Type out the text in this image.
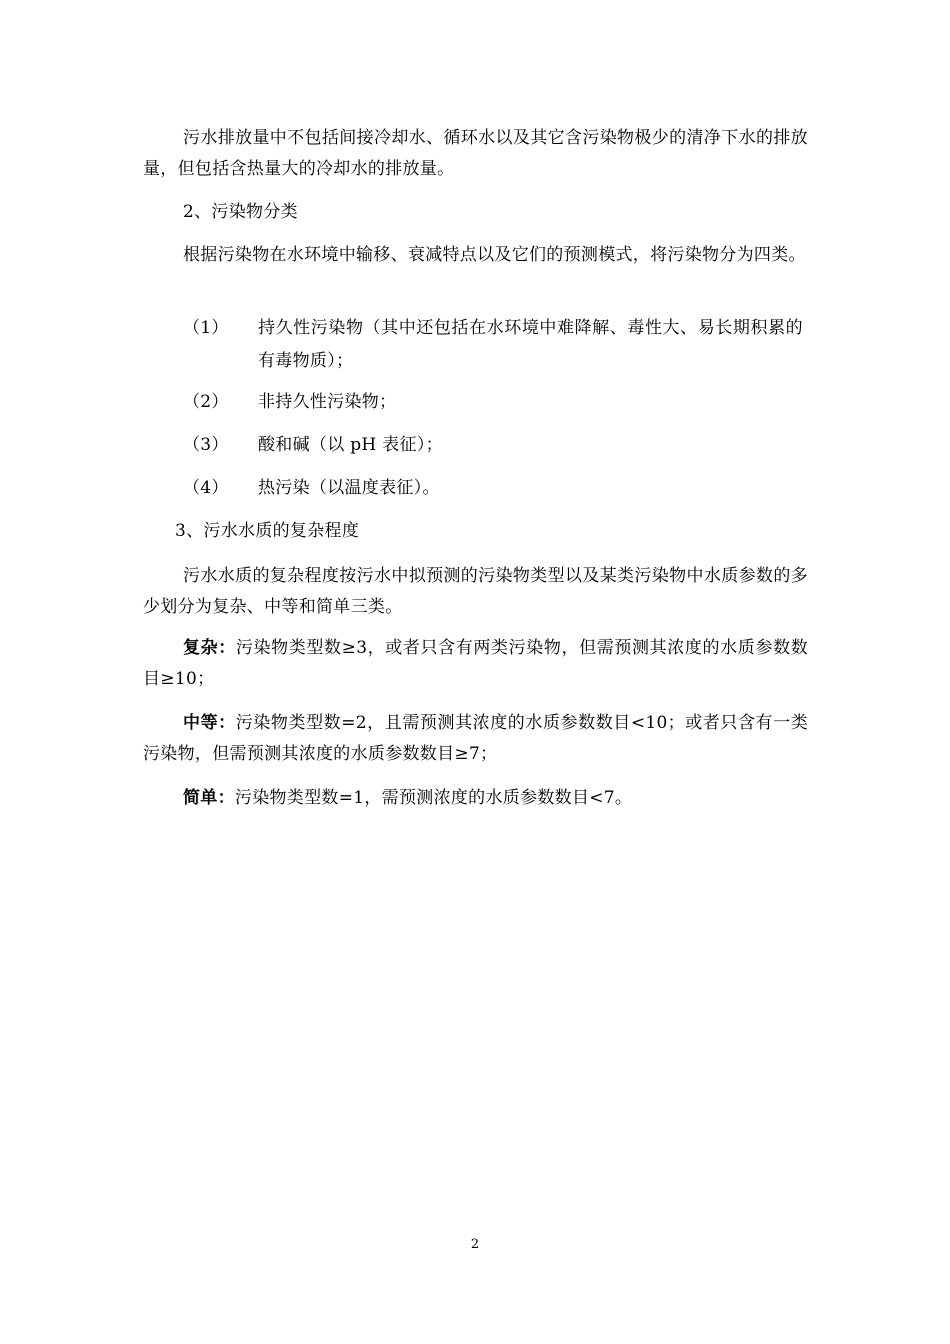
污水排放量中不包括间接冷却水、循环水以及其它含污染物极少的清净下水的排放量，但包括含热量大的冷却水的排放量。

2、污染物分类

根据污染物在水环境中输移、衰减特点以及它们的预测模式，将污染物分为四类。

（1） 持久性污染物（其中还包括在水环境中难降解、毒性大、易长期积累的有毒物质）；
（2） 非持久性污染物；
（3） 酸和碱（以 pH 表征）；
（4） 热污染（以温度表征）。

3、污水水质的复杂程度

污水水质的复杂程度按污水中拟预测的污染物类型以及某类污染物中水质参数的多少划分为复杂、中等和简单三类。

复杂：污染物类型数≥3，或者只含有两类污染物，但需预测其浓度的水质参数数目≥10；

中等：污染物类型数=2，且需预测其浓度的水质参数数目<10；或者只含有一类污染物，但需预测其浓度的水质参数数目≥7；

简单：污染物类型数=1，需预测浓度的水质参数数目<7。

2
